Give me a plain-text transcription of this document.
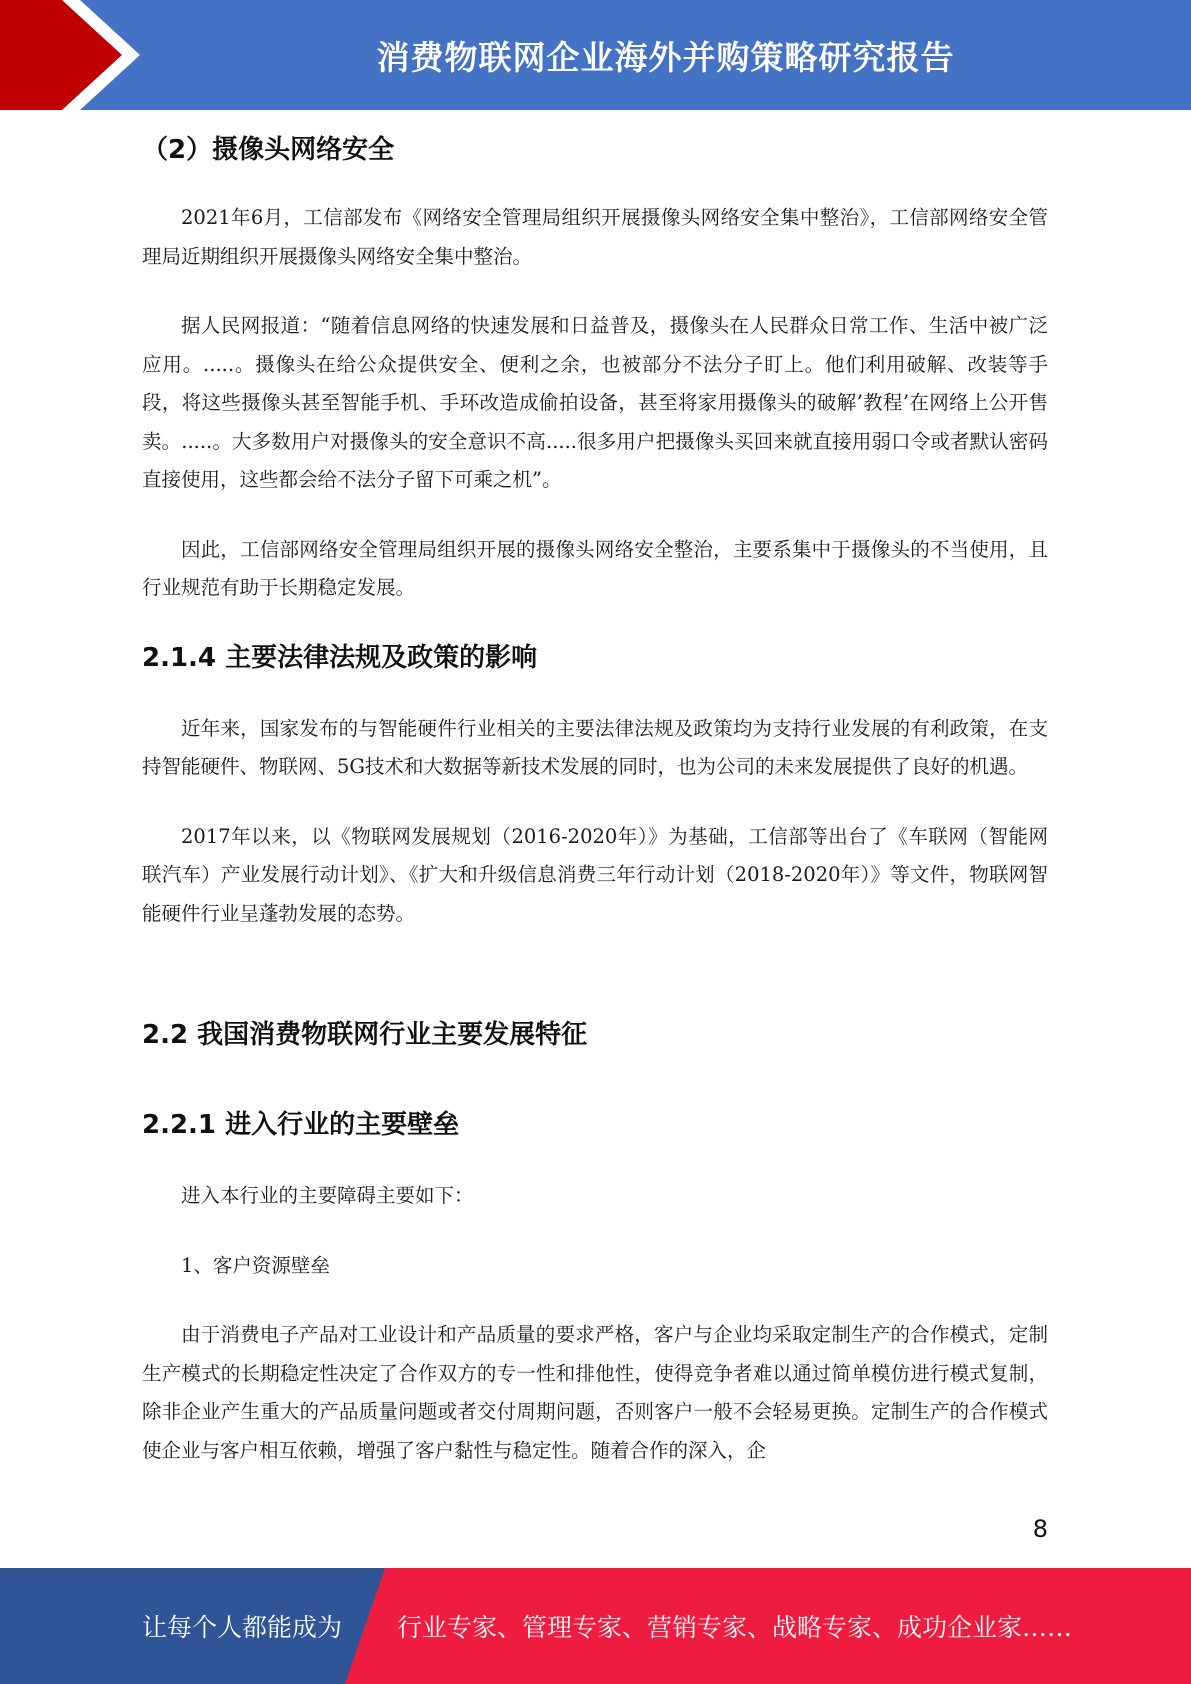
消费物联网企业海外并购策略研究报告
（2）摄像头网络安全

2021年6月，工信部发布《网络安全管理局组织开展摄像头网络安全集中整治》，工信部网络安全管理局近期组织开展摄像头网络安全集中整治。

据人民网报道：“随着信息网络的快速发展和日益普及，摄像头在人民群众日常工作、生活中被广泛应用。.....。摄像头在给公众提供安全、便利之余，也被部分不法分子盯上。他们利用破解、改装等手段，将这些摄像头甚至智能手机、手环改造成偷拍设备，甚至将家用摄像头的破解’教程’在网络上公开售卖。.....。大多数用户对摄像头的安全意识不高.....很多用户把摄像头买回来就直接用弱口令或者默认密码直接使用，这些都会给不法分子留下可乘之机”。

因此，工信部网络安全管理局组织开展的摄像头网络安全整治，主要系集中于摄像头的不当使用，且行业规范有助于长期稳定发展。

2.1.4 主要法律法规及政策的影响

近年来，国家发布的与智能硬件行业相关的主要法律法规及政策均为支持行业发展的有利政策，在支持智能硬件、物联网、5G技术和大数据等新技术发展的同时，也为公司的未来发展提供了良好的机遇。

2017年以来，以《物联网发展规划（2016-2020年）》为基础，工信部等出台了《车联网（智能网联汽车）产业发展行动计划》、《扩大和升级信息消费三年行动计划（2018-2020年）》等文件，物联网智能硬件行业呈蓬勃发展的态势。

2.2 我国消费物联网行业主要发展特征
2.2.1 进入行业的主要壁垒

进入本行业的主要障碍主要如下：

1、客户资源壁垒

由于消费电子产品对工业设计和产品质量的要求严格，客户与企业均采取定制生产的合作模式，定制生产模式的长期稳定性决定了合作双方的专一性和排他性，使得竞争者难以通过简单模仿进行模式复制，除非企业产生重大的产品质量问题或者交付周期问题，否则客户一般不会轻易更换。定制生产的合作模式使企业与客户相互依赖，增强了客户黏性与稳定性。随着合作的深入，企

8
让每个人都能成为 行业专家、管理专家、营销专家、战略专家、成功企业家……
